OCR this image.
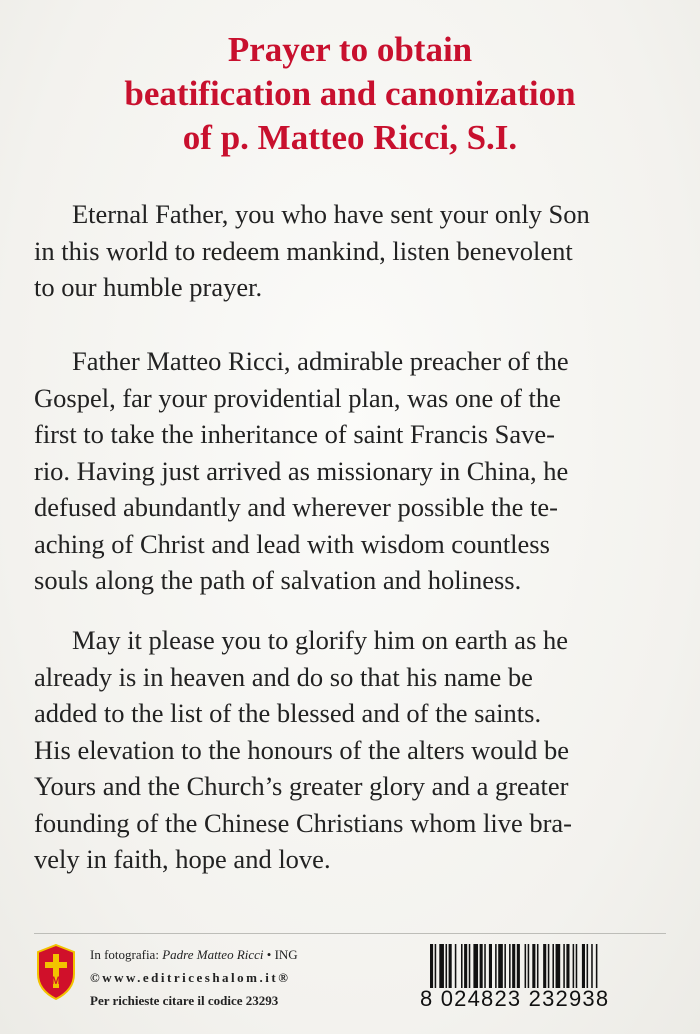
Prayer to obtain
beatification and canonization
of p. Matteo Ricci, S.I.
Eternal Father, you who have sent your only Son
in this world to redeem mankind, listen benevolent
to our humble prayer.
Father Matteo Ricci, admirable preacher of the
Gospel, far your providential plan, was one of the
first to take the inheritance of saint Francis Save-
rio. Having just arrived as missionary in China, he
defused abundantly and wherever possible the te-
aching of Christ and lead with wisdom countless
souls along the path of salvation and holiness.
May it please you to glorify him on earth as he
already is in heaven and do so that his name be
added to the list of the blessed and of the saints.
His elevation to the honours of the alters would be
Yours and the Church’s greater glory and a greater
founding of the Chinese Christians whom live bra-
vely in faith, hope and love.
M
In fotografia: Padre Matteo Ricci • ING
©www.editriceshalom.it®
Per richieste citare il codice 23293	8 024823 232938
